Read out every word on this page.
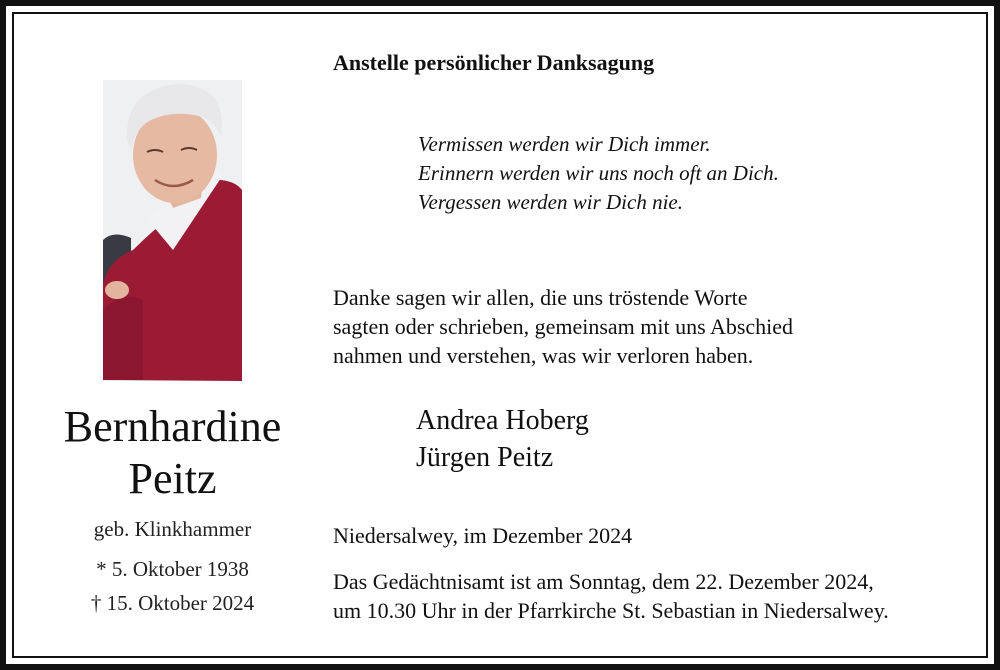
Bernhardine
Peitz
geb. Klinkhammer
* 5. Oktober 1938
† 15. Oktober 2024
Anstelle persönlicher Danksagung
Vermissen werden wir Dich immer.
Erinnern werden wir uns noch oft an Dich.
Vergessen werden wir Dich nie.
Danke sagen wir allen, die uns tröstende Worte
sagten oder schrieben, gemeinsam mit uns Abschied
nahmen und verstehen, was wir verloren haben.
Andrea Hoberg
Jürgen Peitz
Niedersalwey, im Dezember 2024
Das Gedächtnisamt ist am Sonntag, dem 22. Dezember 2024,
um 10.30 Uhr in der Pfarrkirche St. Sebastian in Niedersalwey.
